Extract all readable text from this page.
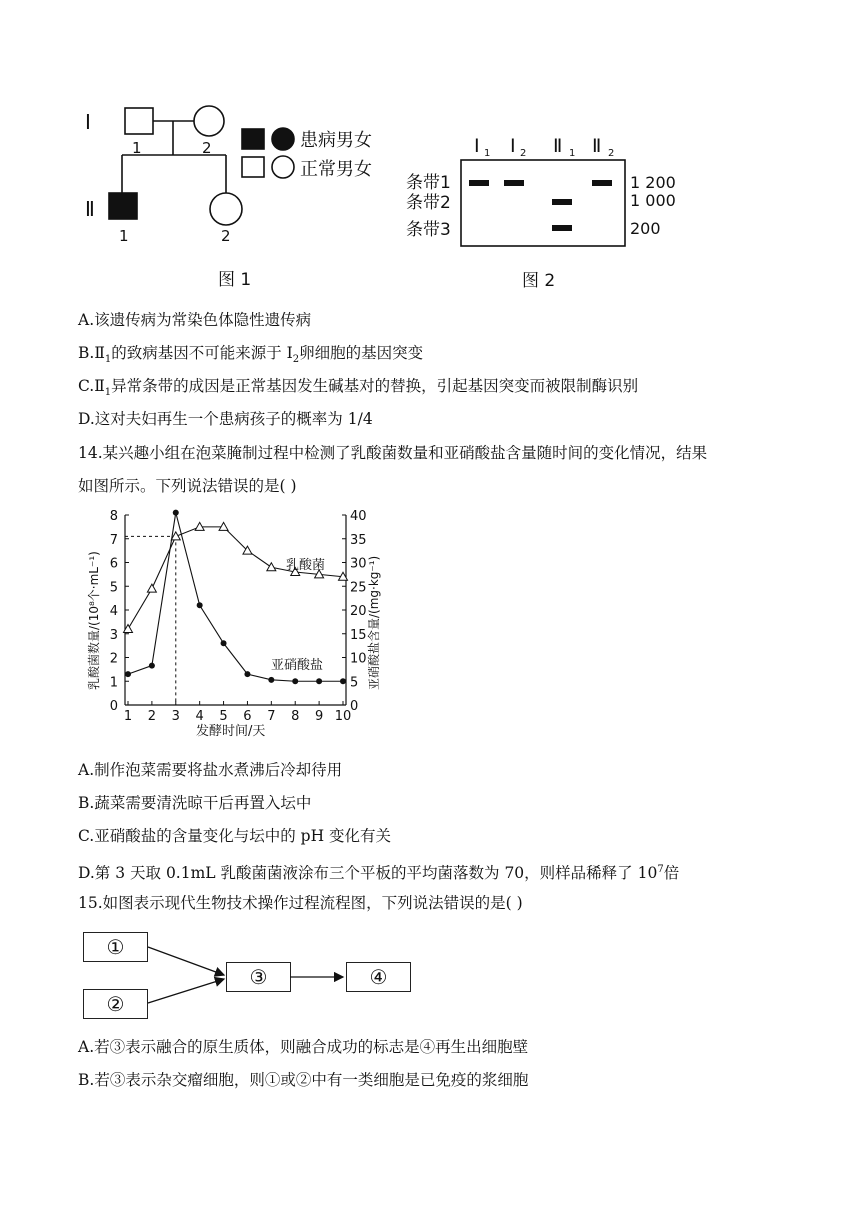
I
Ⅱ
1	2
1	2
患病男女
正常男女
图 1
I I Ⅱ Ⅱ
1	2	1	2
条带1
条带2
条带3
1 200
1 000
200
图 2
A.该遗传病为常染色体隐性遗传病
$B.Ⅱ_1$的致病基因不可能来源于 $I_2$卵细胞的基因突变
$C.Ⅱ_1$异常条带的成因是正常基因发生碱基对的替换，引起基因突变而被限制酶识别
D.这对夫妇再生一个患病孩子的概率为 1/4
14.某兴趣小组在泡菜腌制过程中检测了乳酸菌数量和亚硝酸盐含量随时间的变化情况，结果
如图所示。下列说法错误的是( )
0
1
2
3
4
5
6
7
8
0
5
10
15
20
25
30
35
40
1 2 3 4 5 6 7 8 9 10
乳酸菌数量/(10⁸个·mL⁻¹)	亚硝酸盐含量/(mg·kg⁻¹)
发酵时间/天
乳酸菌
亚硝酸盐
A.制作泡菜需要将盐水煮沸后冷却待用
B.蔬菜需要清洗晾干后再置入坛中
C.亚硝酸盐的含量变化与坛中的 pH 变化有关
D.第 3 天取 0.1mL 乳酸菌菌液涂布三个平板的平均菌落数为 70，则样品稀释了 $10^7$倍
15.如图表示现代生物技术操作过程流程图，下列说法错误的是( )
①
②
③	④
A.若③表示融合的原生质体，则融合成功的标志是④再生出细胞壁
B.若③表示杂交瘤细胞，则①或②中有一类细胞是已免疫的浆细胞
